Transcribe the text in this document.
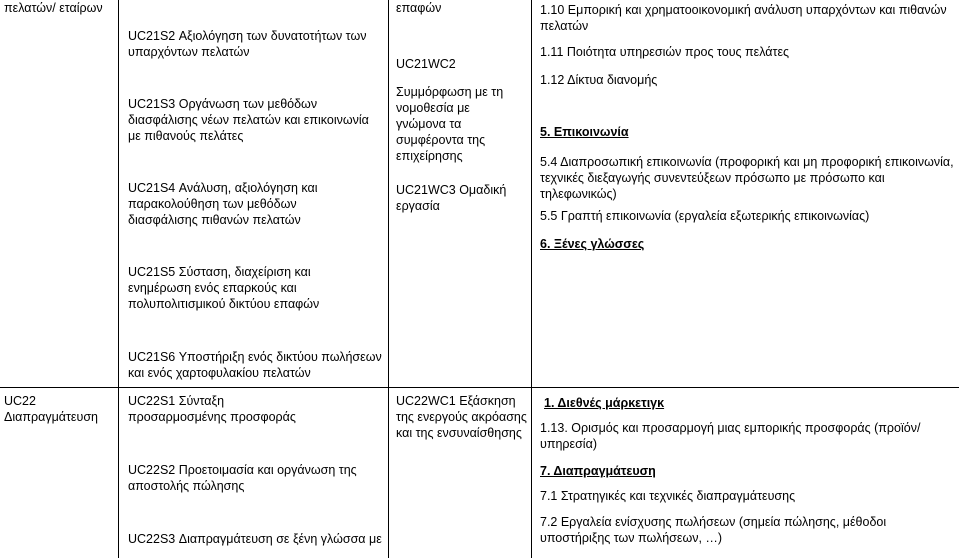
πελατών/ εταίρων
UC21S2 Αξιολόγηση των δυνατοτήτων των υπαρχόντων πελατών
UC21S3 Οργάνωση των μεθόδων διασφάλισης νέων πελατών και επικοινωνία με πιθανούς πελάτες
UC21S4 Ανάλυση, αξιολόγηση και παρακολούθηση των μεθόδων διασφάλισης πιθανών πελατών
UC21S5 Σύσταση, διαχείριση και ενημέρωση ενός επαρκούς και πολυπολιτισμικού δικτύου επαφών
UC21S6 Υποστήριξη ενός δικτύου πωλήσεων και ενός χαρτοφυλακίου πελατών
επαφών
UC21WC2
Συμμόρφωση με τη νομοθεσία με γνώμονα τα συμφέροντα της επιχείρησης
UC21WC3 Ομαδική εργασία
1.10 Εμπορική και χρηματοοικονομική ανάλυση υπαρχόντων και πιθανών πελατών
1.11 Ποιότητα υπηρεσιών προς τους πελάτες
1.12 Δίκτυα διανομής
5. Επικοινωνία
5.4 Διαπροσωπική επικοινωνία (προφορική και μη προφορική επικοινωνία, τεχνικές διεξαγωγής συνεντεύξεων πρόσωπο με πρόσωπο και τηλεφωνικώς)
5.5 Γραπτή επικοινωνία (εργαλεία εξωτερικής επικοινωνίας)
6. Ξένες γλώσσες
UC22 Διαπραγμάτευση
UC22S1 Σύνταξη προσαρμοσμένης προσφοράς
UC22S2 Προετοιμασία και οργάνωση της αποστολής πώλησης
UC22S3 Διαπραγμάτευση σε ξένη γλώσσα με
UC22WC1 Εξάσκηση της ενεργούς ακρόασης και της ενσυναίσθησης
1. Διεθνές μάρκετιγκ
1.13. Ορισμός και προσαρμογή μιας εμπορικής προσφοράς (προϊόν/ υπηρεσία)
7. Διαπραγμάτευση
7.1 Στρατηγικές και τεχνικές διαπραγμάτευσης
7.2 Εργαλεία ενίσχυσης πωλήσεων (σημεία πώλησης, μέθοδοι υποστήριξης των πωλήσεων, …)
